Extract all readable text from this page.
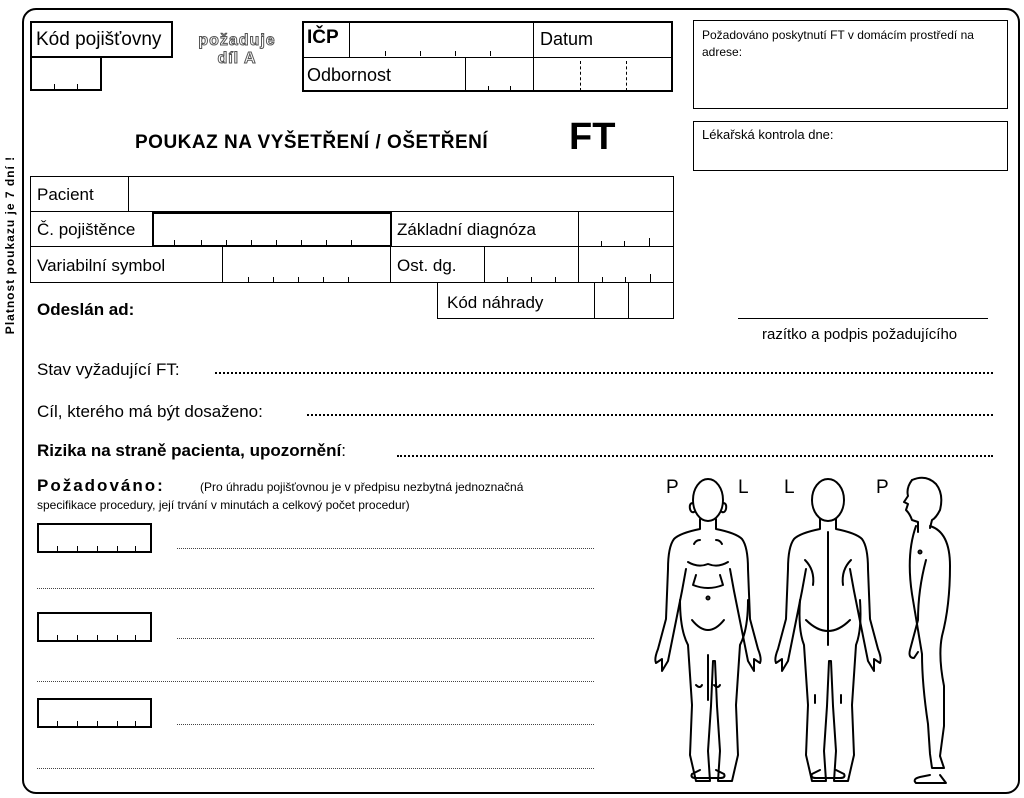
Platnost poukazu je 7 dní !
Kód pojišťovny	požaduje
díl A
IČP	Datum
Odbornost
Požadováno poskytnutí FT v domácím prostředí na adrese:
Lékařská kontrola dne:
POUKAZ NA VYŠETŘENÍ / OŠETŘENÍ FT
Pacient
Č. pojištěnce	Základní diagnóza
Variabilní symbol	Ost. dg.
Kód náhrady
Odeslán ad:
razítko a podpis požadujícího
Stav vyžadující FT:
Cíl, kterého má být dosaženo:
Rizika na straně pacienta, upozornění:
Požadováno:	(Pro úhradu pojišťovnou je v předpisu nezbytná jednoznačná
specifikace procedury, její trvání v minutách a celkový počet procedur)
P	L L	P
